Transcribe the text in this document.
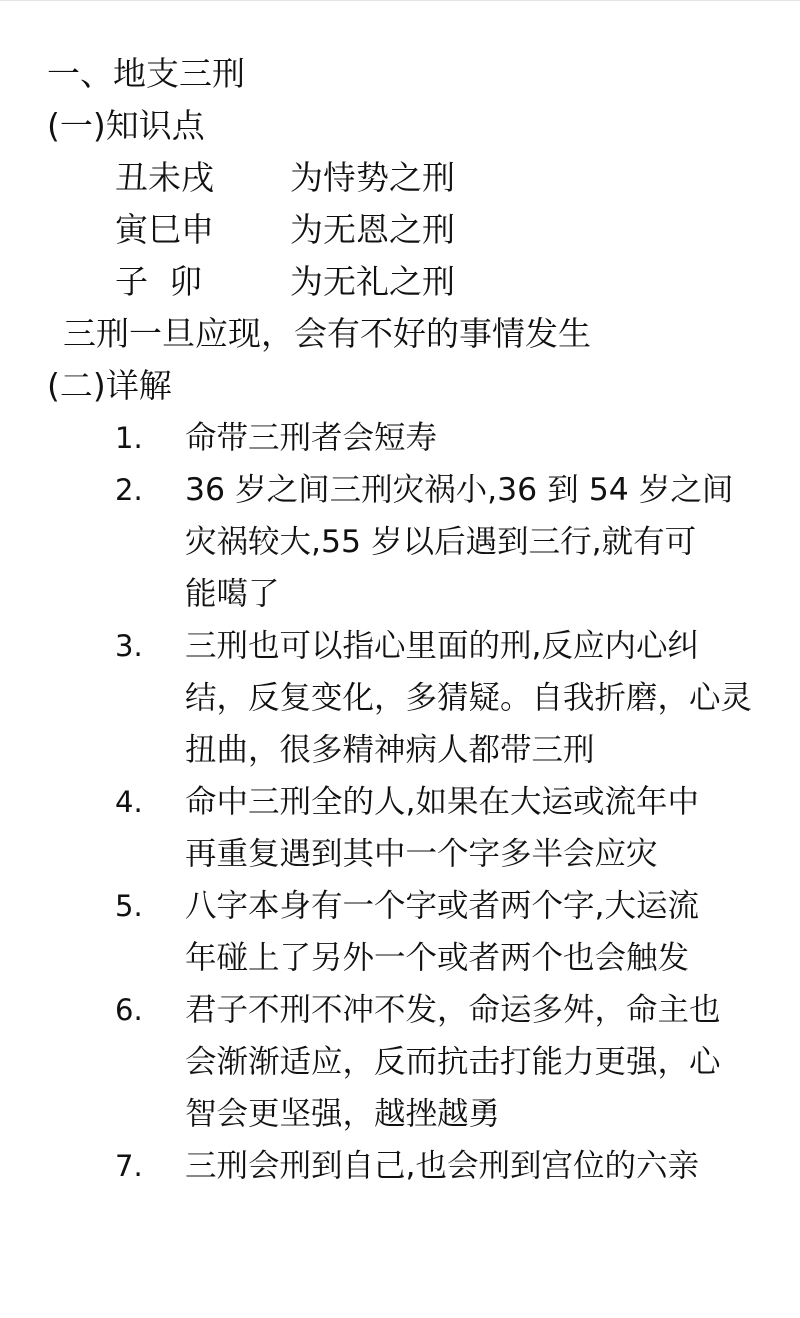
一、地支三刑
(一)知识点
丑未戌 为恃势之刑
寅巳申 为无恩之刑
子  卯	为无礼之刑
三刑一旦应现，会有不好的事情发生
(二)详解
1. 命带三刑者会短寿
2. 36 岁之间三刑灾祸小,36 到 54 岁之间
灾祸较大,55 岁以后遇到三行,就有可
能噶了
3. 三刑也可以指心里面的刑,反应内心纠
结，反复变化，多猜疑。自我折磨，心灵
扭曲，很多精神病人都带三刑
4. 命中三刑全的人,如果在大运或流年中
再重复遇到其中一个字多半会应灾
5. 八字本身有一个字或者两个字,大运流
年碰上了另外一个或者两个也会触发
6. 君子不刑不冲不发，命运多舛，命主也
会渐渐适应，反而抗击打能力更强，心
智会更坚强，越挫越勇
7. 三刑会刑到自己,也会刑到宫位的六亲
